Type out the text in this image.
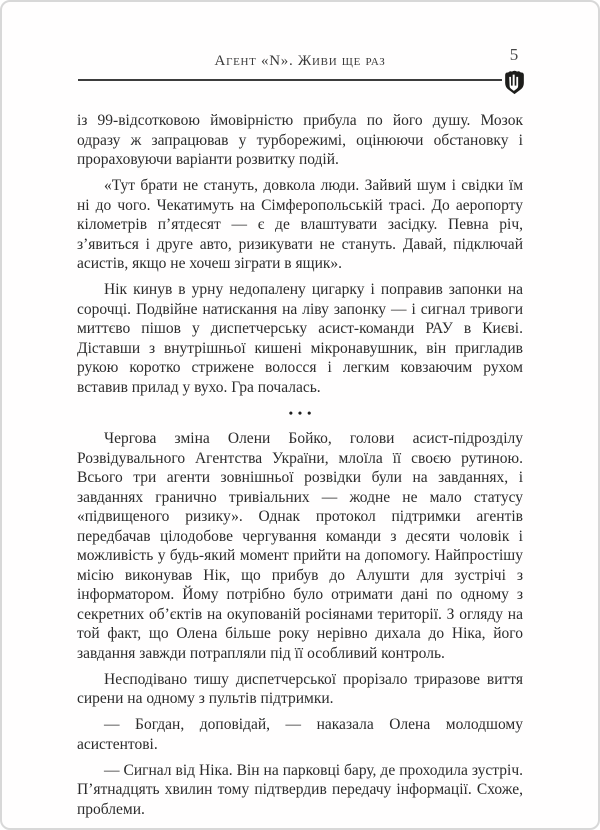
Агент «N». Живи ще раз	5

із 99-відсотковою ймовірністю прибула по його душу. Мозок одразу ж запрацював у турборежимі, оцінюючи обстановку і прораховуючи варіанти розвитку подій.

«Тут брати не стануть, довкола люди. Зайвий шум і свідки їм ні до чого. Чекатимуть на Сімферопольській трасі. До аеропорту кілометрів п’ятдесят — є де влаштувати засідку. Певна річ, з’явиться і друге авто, ризикувати не стануть. Давай, підключай асистів, якщо не хочеш зіграти в ящик».

Нік кинув в урну недопалену цигарку і поправив запонки на сорочці. Подвійне натискання на ліву запонку — і сигнал тривоги миттєво пішов у диспетчерську асист-команди РАУ в Києві. Діставши з внутрішньої кишені мікронавушник, він пригладив рукою коротко стрижене волосся і легким ковзаючим рухом вставив прилад у вухо. Гра почалась.

•••

Чергова зміна Олени Бойко, голови асист-підрозділу Розвідувального Агентства України, млоїла її своєю рутиною. Всього три агенти зовнішньої розвідки були на завданнях, і завданнях гранично тривіальних — жодне не мало статусу «підвищеного ризику». Однак протокол підтримки агентів передбачав цілодобове чергування команди з десяти чоловік і можливість у будь-який момент прийти на допомогу. Найпростішу місію виконував Нік, що прибув до Алушти для зустрічі з інформатором. Йому потрібно було отримати дані по одному з секретних об’єктів на окупованій росіянами території. З огляду на той факт, що Олена більше року нерівно дихала до Ніка, його завдання завжди потрапляли під її особливий контроль.

Несподівано тишу диспетчерської прорізало триразове виття сирени на одному з пультів підтримки.

— Богдан, доповідай, — наказала Олена молодшому асистентові.

— Сигнал від Ніка. Він на парковці бару, де проходила зустріч. П’ятнадцять хвилин тому підтвердив передачу інформації. Схоже, проблеми.
